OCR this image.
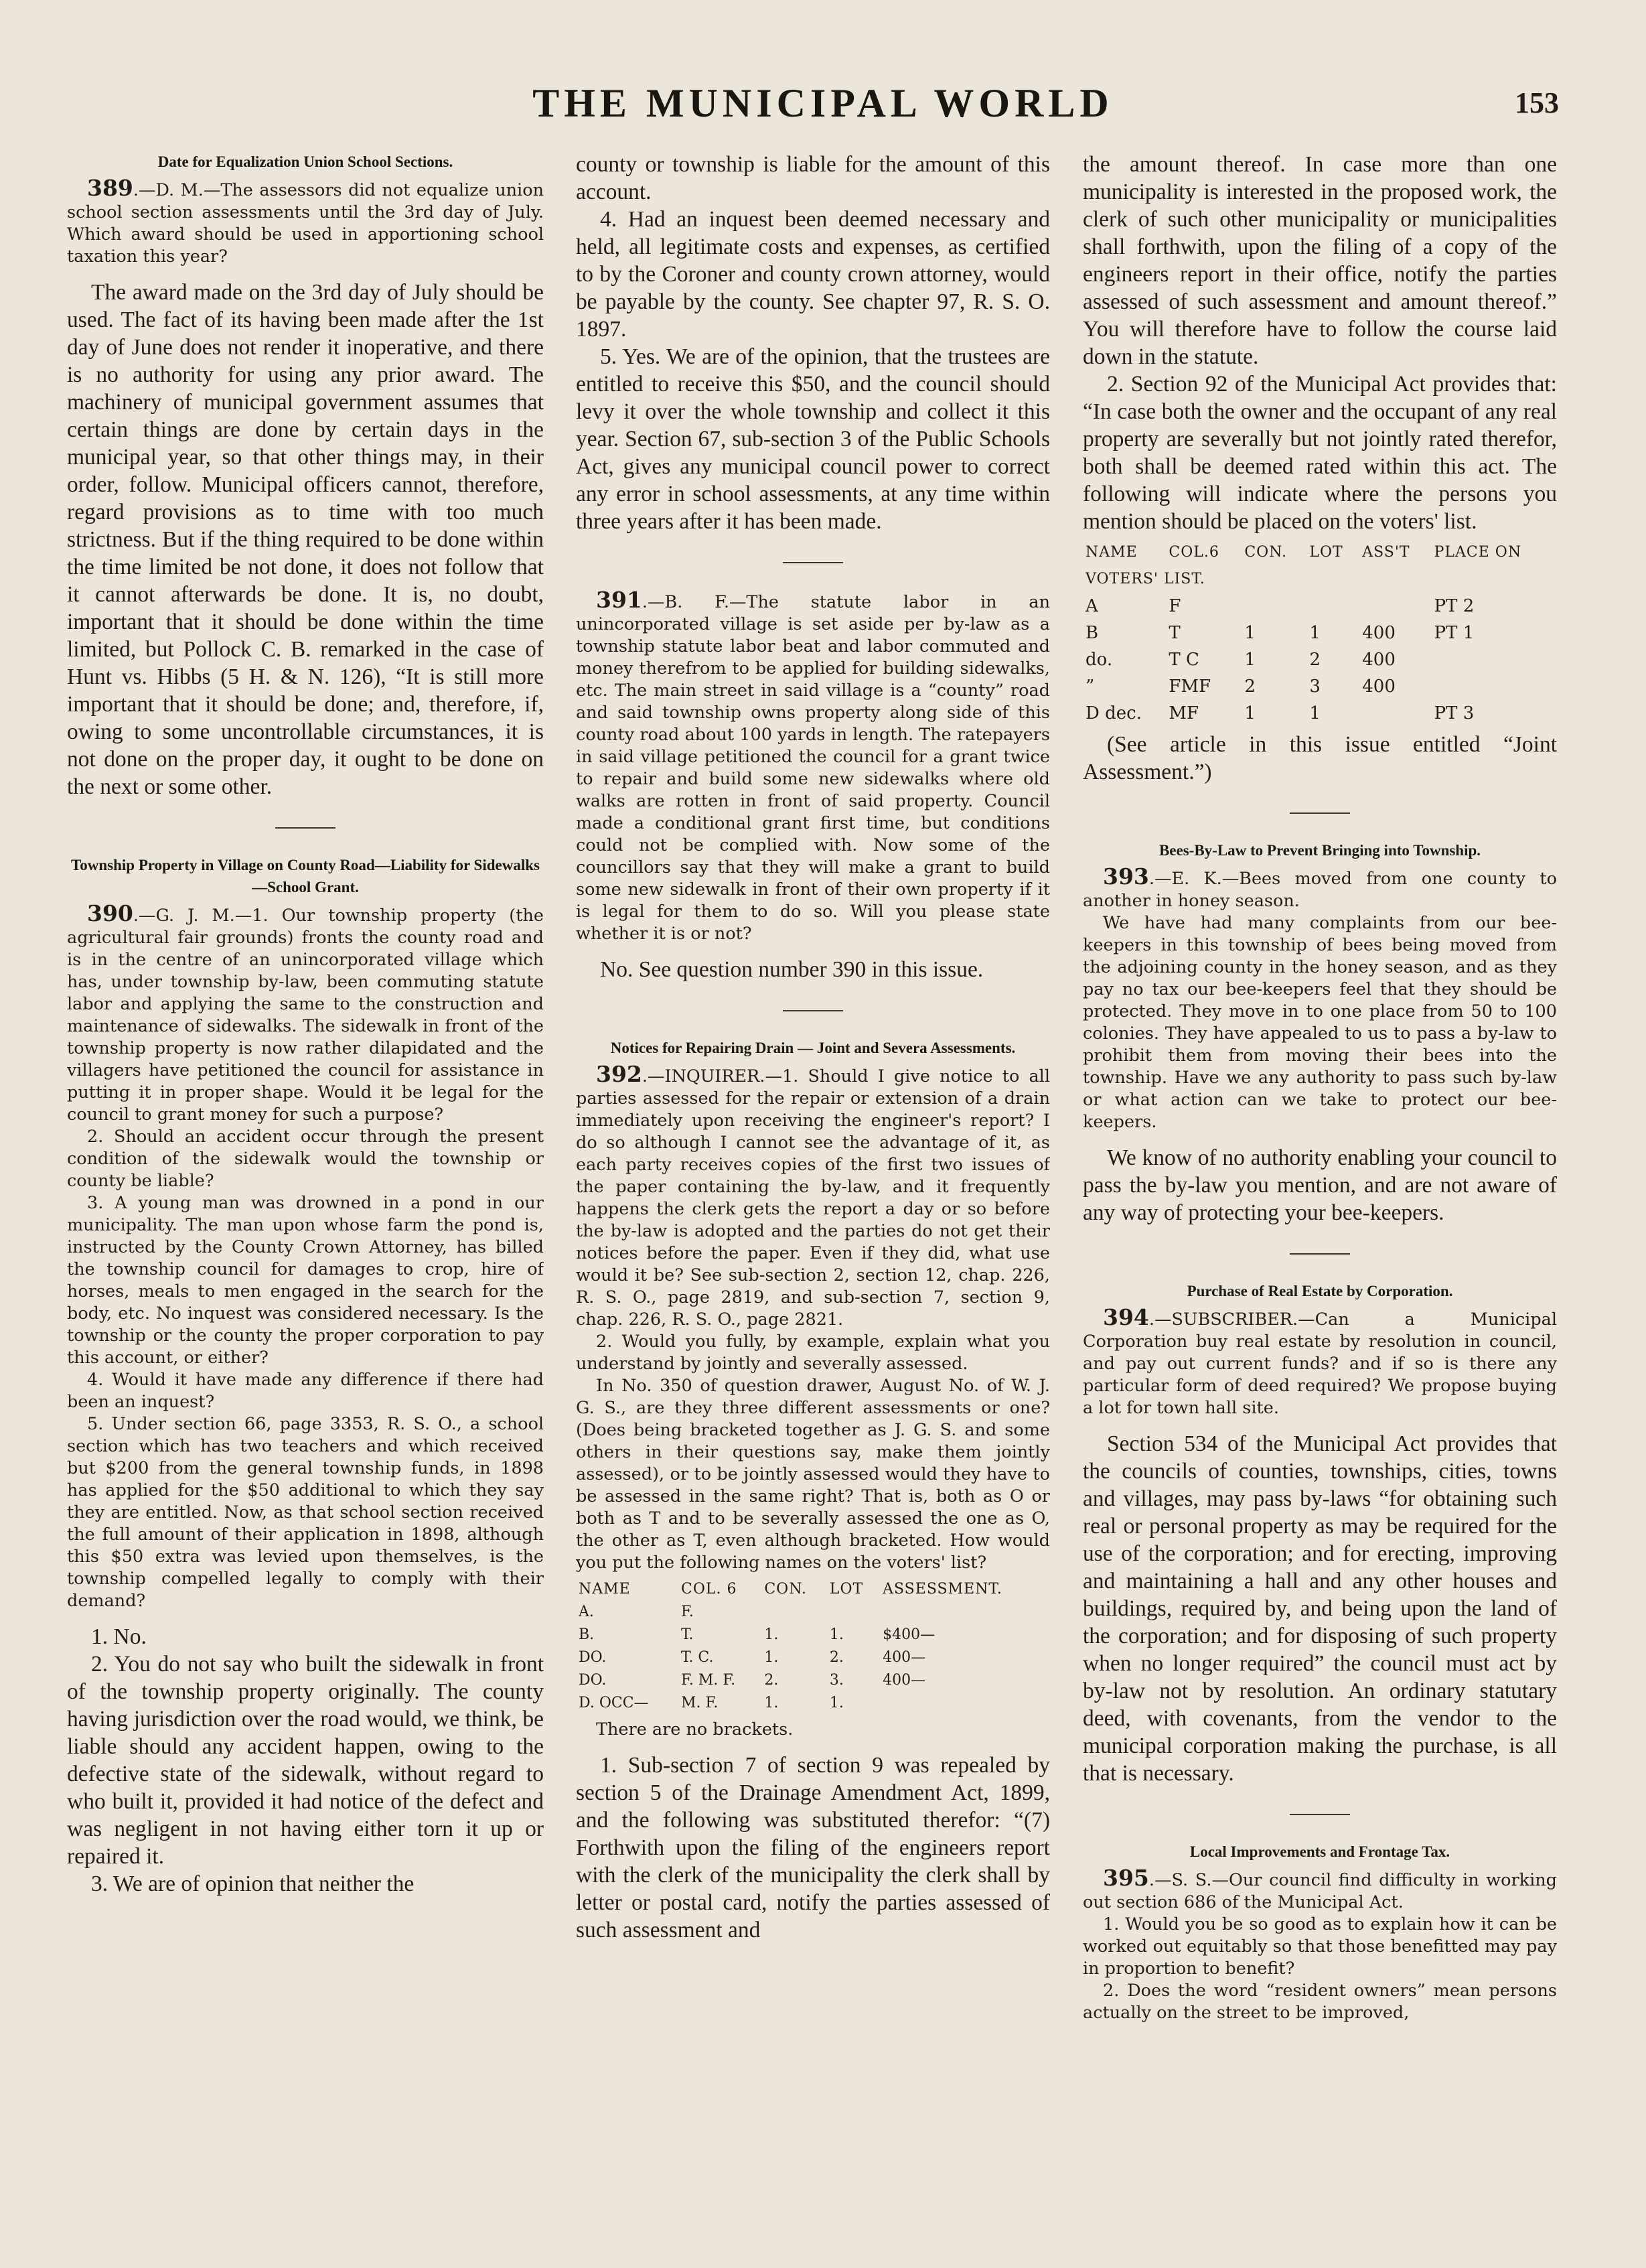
THE MUNICIPAL WORLD	153
Date for Equalization Union School Sections.

389.—D. M.—The assessors did not equalize union school section assessments until the 3rd day of July. Which award should be used in apportioning school taxation this year?

The award made on the 3rd day of July should be used. The fact of its having been made after the 1st day of June does not render it inoperative, and there is no authority for using any prior award. The machinery of municipal government assumes that certain things are done by certain days in the municipal year, so that other things may, in their order, follow. Municipal officers cannot, therefore, regard provisions as to time with too much strictness. But if the thing required to be done within the time limited be not done, it does not follow that it cannot afterwards be done. It is, no doubt, important that it should be done within the time limited, but Pollock C. B. remarked in the case of Hunt vs. Hibbs (5 H. & N. 126), “It is still more important that it should be done; and, therefore, if, owing to some uncontrollable circumstances, it is not done on the proper day, it ought to be done on the next or some other.

Township Property in Village on County Road—Liability for Sidewalks—School Grant.

390.—G. J. M.—1. Our township property (the agricultural fair grounds) fronts the county road and is in the centre of an unincorporated village which has, under township by-law, been commuting statute labor and applying the same to the construction and maintenance of sidewalks. The sidewalk in front of the township property is now rather dilapidated and the villagers have petitioned the council for assistance in putting it in proper shape. Would it be legal for the council to grant money for such a purpose?

2. Should an accident occur through the present condition of the sidewalk would the township or county be liable?

3. A young man was drowned in a pond in our municipality. The man upon whose farm the pond is, instructed by the County Crown Attorney, has billed the township council for damages to crop, hire of horses, meals to men engaged in the search for the body, etc. No inquest was considered necessary. Is the township or the county the proper corporation to pay this account, or either?

4. Would it have made any difference if there had been an inquest?

5. Under section 66, page 3353, R. S. O., a school section which has two teachers and which received but $200 from the general township funds, in 1898 has applied for the $50 additional to which they say they are entitled. Now, as that school section received the full amount of their application in 1898, although this $50 extra was levied upon themselves, is the township compelled legally to comply with their demand?

1. No.

2. You do not say who built the sidewalk in front of the township property originally. The county having jurisdiction over the road would, we think, be liable should any accident happen, owing to the defective state of the sidewalk, without regard to who built it, provided it had notice of the defect and was negligent in not having either torn it up or repaired it.

3. We are of opinion that neither the

county or township is liable for the amount of this account.

4. Had an inquest been deemed necessary and held, all legitimate costs and expenses, as certified to by the Coroner and county crown attorney, would be payable by the county. See chapter 97, R. S. O. 1897.

5. Yes. We are of the opinion, that the trustees are entitled to receive this $50, and the council should levy it over the whole township and collect it this year. Section 67, sub-section 3 of the Public Schools Act, gives any municipal council power to correct any error in school assessments, at any time within three years after it has been made.

391.—B. F.—The statute labor in an unincorporated village is set aside per by-law as a township statute labor beat and labor commuted and money therefrom to be applied for building sidewalks, etc. The main street in said village is a “county” road and said township owns property along side of this county road about 100 yards in length. The ratepayers in said village petitioned the council for a grant twice to repair and build some new sidewalks where old walks are rotten in front of said property. Council made a conditional grant first time, but conditions could not be complied with. Now some of the councillors say that they will make a grant to build some new sidewalk in front of their own property if it is legal for them to do so. Will you please state whether it is or not?

No. See question number 390 in this issue.

Notices for Repairing Drain — Joint and Severa Assessments.

392.—INQUIRER.—1. Should I give notice to all parties assessed for the repair or extension of a drain immediately upon receiving the engineer's report? I do so although I cannot see the advantage of it, as each party receives copies of the first two issues of the paper containing the by-law, and it frequently happens the clerk gets the report a day or so before the by-law is adopted and the parties do not get their notices before the paper. Even if they did, what use would it be? See sub-section 2, section 12, chap. 226, R. S. O., page 2819, and sub-section 7, section 9, chap. 226, R. S. O., page 2821.

2. Would you fully, by example, explain what you understand by jointly and severally assessed.

In No. 350 of question drawer, August No. of W. J. G. S., are they three different assessments or one? (Does being bracketed together as J. G. S. and some others in their questions say, make them jointly assessed), or to be jointly assessed would they have to be assessed in the same right? That is, both as O or both as T and to be severally assessed the one as O, the other as T, even although bracketed. How would you put the following names on the voters' list?

NAME	COL. 6	CON.	LOT	ASSESSMENT.
A.	F.			
B.	T.	1.	1.	$400—
DO.	T. C.	1.	2.	400—
DO.	F. M. F.	2.	3.	400—
D. OCC—	M. F.	1.	1.	

There are no brackets.

1. Sub-section 7 of section 9 was repealed by section 5 of the Drainage Amendment Act, 1899, and the following was substituted therefor: “(7) Forthwith upon the filing of the engineers report with the clerk of the municipality the clerk shall by letter or postal card, notify the parties assessed of such assessment and

the amount thereof. In case more than one municipality is interested in the proposed work, the clerk of such other municipality or municipalities shall forthwith, upon the filing of a copy of the engineers report in their office, notify the parties assessed of such assessment and amount thereof.” You will therefore have to follow the course laid down in the statute.

2. Section 92 of the Municipal Act provides that: “In case both the owner and the occupant of any real property are severally but not jointly rated therefor, both shall be deemed rated within this act. The following will indicate where the persons you mention should be placed on the voters' list.

NAME	COL.6	CON.	LOT	ASS'T	PLACE ON
VOTERS' LIST.					
A	F				PT 2
B	T	1	1	400	PT 1
do.	T C	1	2	400	
”	FMF	2	3	400	
D dec.	MF	1	1		PT 3

(See article in this issue entitled “Joint Assessment.”)

Bees-By-Law to Prevent Bringing into Township.

393.—E. K.—Bees moved from one county to another in honey season.

We have had many complaints from our bee-keepers in this township of bees being moved from the adjoining county in the honey season, and as they pay no tax our bee-keepers feel that they should be protected. They move in to one place from 50 to 100 colonies. They have appealed to us to pass a by-law to prohibit them from moving their bees into the township. Have we any authority to pass such by-law or what action can we take to protect our bee-keepers.

We know of no authority enabling your council to pass the by-law you mention, and are not aware of any way of protecting your bee-keepers.

Purchase of Real Estate by Corporation.

394.—SUBSCRIBER.—Can a Municipal Corporation buy real estate by resolution in council, and pay out current funds? and if so is there any particular form of deed required? We propose buying a lot for town hall site.

Section 534 of the Municipal Act provides that the councils of counties, townships, cities, towns and villages, may pass by-laws “for obtaining such real or personal property as may be required for the use of the corporation; and for erecting, improving and maintaining a hall and any other houses and buildings, required by, and being upon the land of the corporation; and for disposing of such property when no longer required” the council must act by by-law not by resolution. An ordinary statutary deed, with covenants, from the vendor to the municipal corporation making the purchase, is all that is necessary.

Local Improvements and Frontage Tax.

395.—S. S.—Our council find difficulty in working out section 686 of the Municipal Act.

1. Would you be so good as to explain how it can be worked out equitably so that those benefitted may pay in proportion to benefit?

2. Does the word “resident owners” mean persons actually on the street to be improved,
